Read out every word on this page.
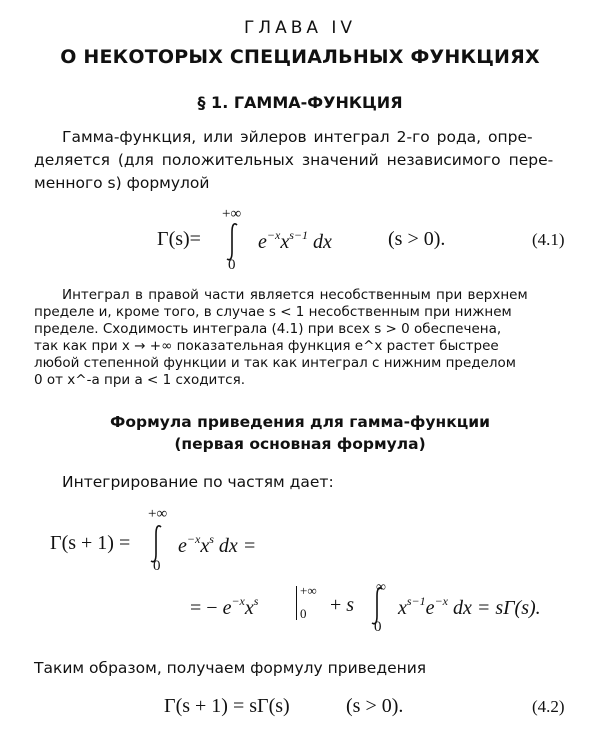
ГЛАВА IV
О НЕКОТОРЫХ СПЕЦИАЛЬНЫХ ФУНКЦИЯХ
§ 1. ГАММА-ФУНКЦИЯ
Гамма-функция, или эйлеров интеграл 2-го рода, опре-
деляется (для положительных значений независимого пере-
менного s) формулой
Γ(s)=
+∞
0
$e^{-x}x^{s-1}$ dx	(s > 0).	(4.1)
Интеграл в правой части является несобственным при верхнем
пределе и, кроме того, в случае s < 1 несобственным при нижнем
пределе. Сходимость интеграла (4.1) при всех s > 0 обеспечена,
так как при x → +∞ показательная функция e^x растет быстрее
любой степенной функции и так как интеграл с нижним пределом
0 от x^-a при a < 1 сходится.
Формула приведения для гамма-функции
(первая основная формула)
Интегрирование по частям дает:
Γ(s + 1) =
+∞
0
$e^{-x}x^s$ dx =
= − $e^{-x}x^s$
+∞
0 + s
∞
0
$x^{s-1}e^{-x}$ dx = sΓ(s).
Таким образом, получаем формулу приведения
Γ(s + 1) = sΓ(s)	(s > 0).	(4.2)
